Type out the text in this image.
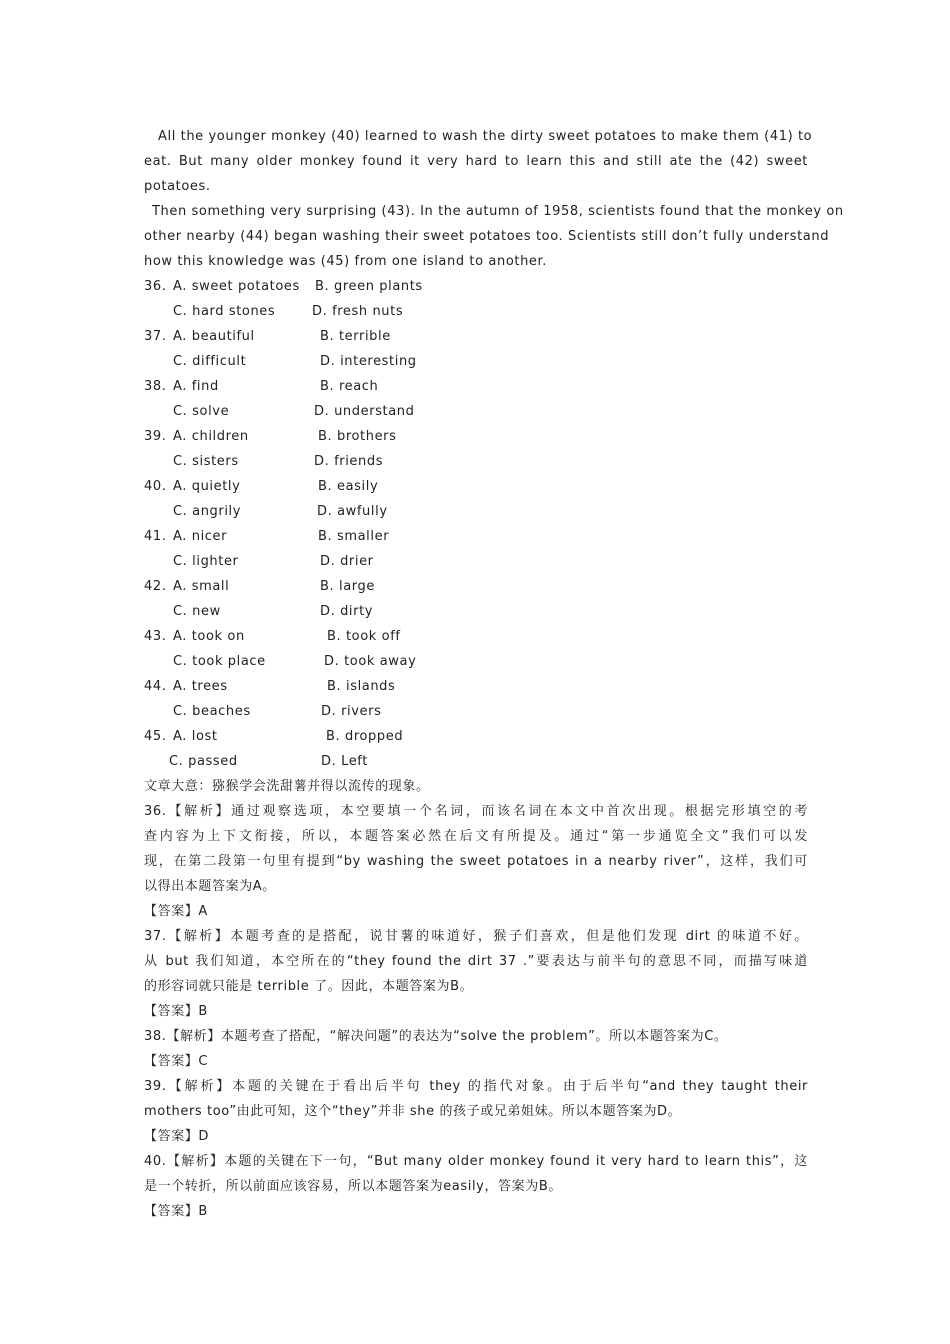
All the younger monkey (40) learned to wash the dirty sweet potatoes to make them (41) to
eat. But many older monkey found it very hard to learn this and still ate the (42) sweet
potatoes.
Then something very surprising (43). In the autumn of 1958, scientists found that the monkey on
other nearby (44) began washing their sweet potatoes too. Scientists still don’t fully understand
how this knowledge was (45) from one island to another.
36. A. sweet potatoes B. green plants
C. hard stones	D. fresh nuts
37. A. beautiful	B. terrible
C. difficult	D. interesting
38. A. find	B. reach
C. solve	D. understand
39. A. children	B. brothers
C. sisters	D. friends
40. A. quietly	B. easily
C. angrily	D. awfully
41. A. nicer	B. smaller
C. lighter	D. drier
42. A. small	B. large
C. new	D. dirty
43. A. took on	B. took off
C. took place	D. took away
44. A. trees	B. islands
C. beaches	D. rivers
45. A. lost	B. dropped
C. passed	D. Left
文章大意：猕猴学会洗甜薯并得以流传的现象。
36.【解析】通过观察选项，本空要填一个名词，而该名词在本文中首次出现。根据完形填空的考
查内容为上下文衔接，所以，本题答案必然在后文有所提及。通过“第一步通览全文”我们可以发
现，在第二段第一句里有提到“by washing the sweet potatoes in a nearby river”，这样，我们可
以得出本题答案为A。
【答案】A
37.【解析】本题考查的是搭配，说甘薯的味道好，猴子们喜欢，但是他们发现 dirt 的味道不好。
从 but 我们知道，本空所在的“they found the dirt 37 .”要表达与前半句的意思不同，而描写味道
的形容词就只能是 terrible 了。因此，本题答案为B。
【答案】B
38.【解析】本题考查了搭配，“解决问题”的表达为“solve the problem”。所以本题答案为C。
【答案】C
39.【解析】本题的关键在于看出后半句 they 的指代对象。由于后半句“and they taught their
mothers too”由此可知，这个“they”并非 she 的孩子或兄弟姐妹。所以本题答案为D。
【答案】D
40.【解析】本题的关键在下一句，“But many older monkey found it very hard to learn this”，这
是一个转折，所以前面应该容易，所以本题答案为easily，答案为B。
【答案】B
